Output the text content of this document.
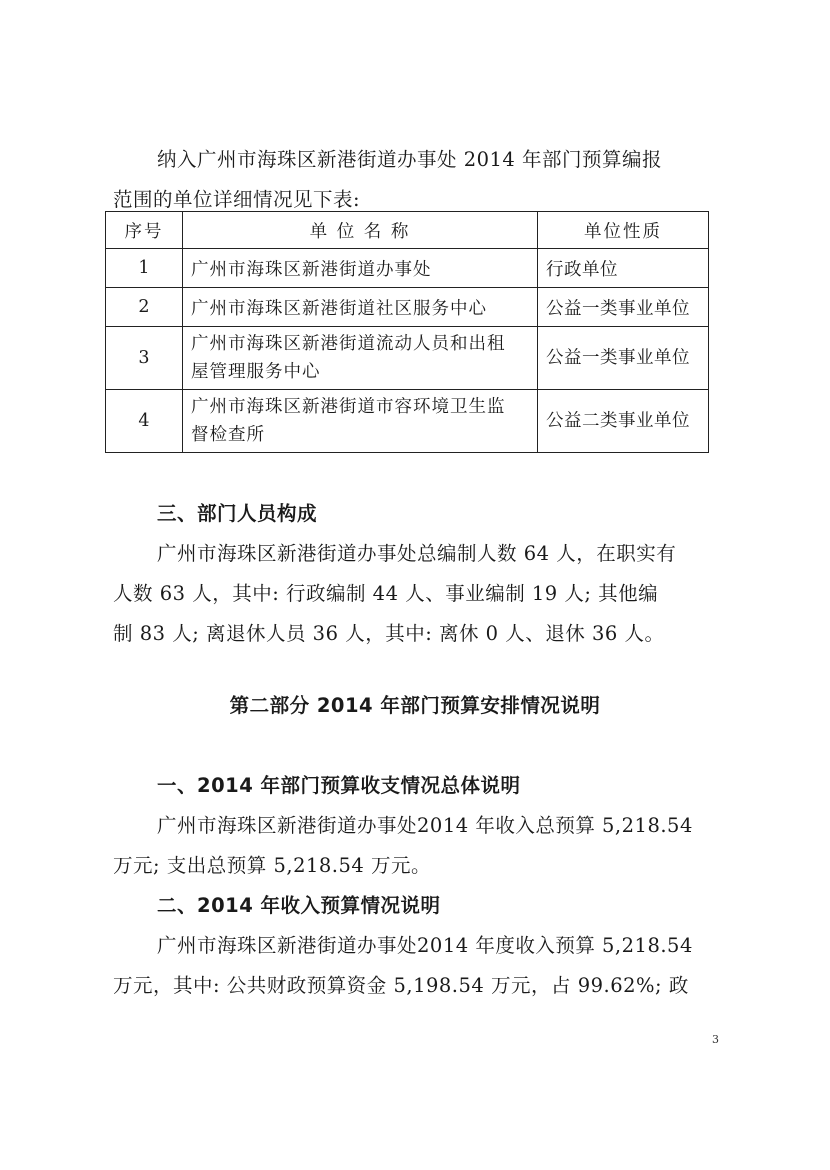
纳入广州市海珠区新港街道办事处 2014 年部门预算编报
范围的单位详细情况见下表:
序号	单 位 名 称	单位性质
1	广州市海珠区新港街道办事处	行政单位
2	广州市海珠区新港街道社区服务中心	公益一类事业单位
3	广州市海珠区新港街道流动人员和出租
屋管理服务中心	公益一类事业单位
4	广州市海珠区新港街道市容环境卫生监
督检查所	公益二类事业单位
三、部门人员构成
广州市海珠区新港街道办事处总编制人数 64 人，在职实有
人数 63 人，其中: 行政编制 44 人、事业编制 19 人; 其他编
制 83 人; 离退休人员 36 人，其中: 离休 0 人、退休 36 人。
第二部分 2014 年部门预算安排情况说明
一、2014 年部门预算收支情况总体说明
广州市海珠区新港街道办事处2014 年收入总预算 5,218.54
万元; 支出总预算 5,218.54 万元。
二、2014 年收入预算情况说明
广州市海珠区新港街道办事处2014 年度收入预算 5,218.54
万元，其中: 公共财政预算资金 5,198.54 万元，占 99.62%; 政
3
